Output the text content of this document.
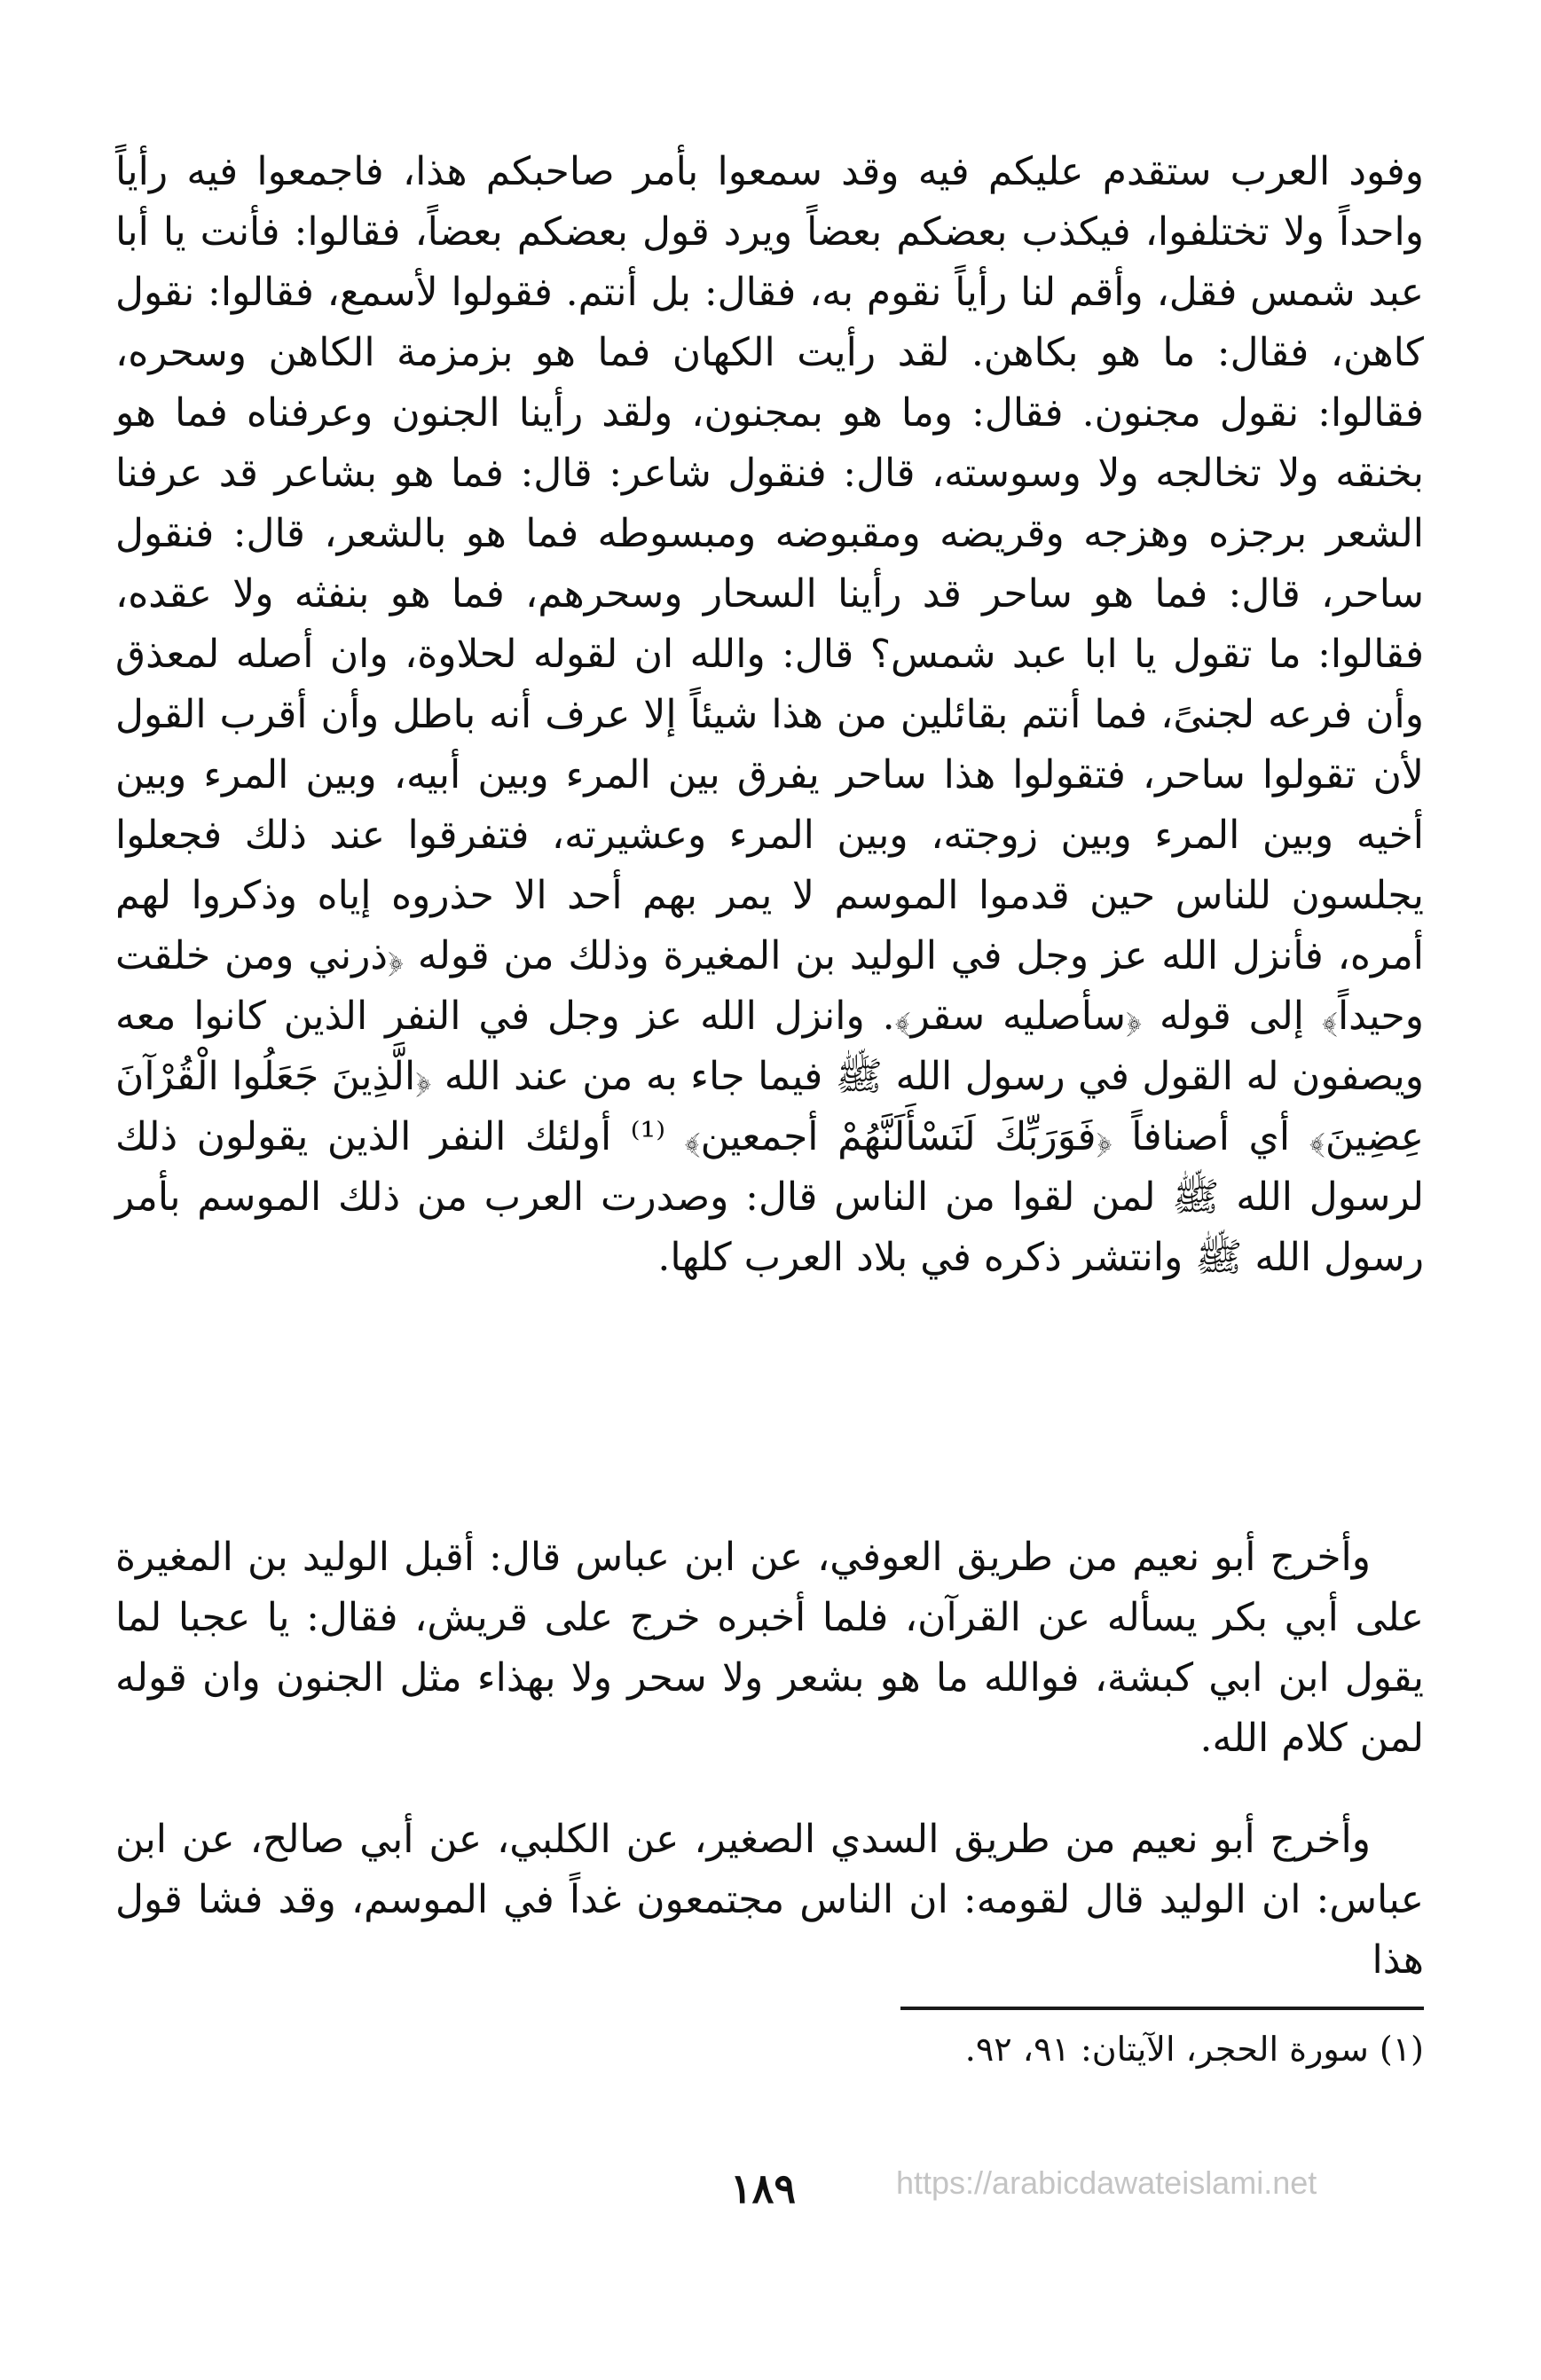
وفود العرب ستقدم عليكم فيه وقد سمعوا بأمر صاحبكم هذا، فاجمعوا فيه رأياً واحداً ولا تختلفوا، فيكذب بعضكم بعضاً ويرد قول بعضكم بعضاً، فقالوا: فأنت يا أبا عبد شمس فقل، وأقم لنا رأياً نقوم به، فقال: بل أنتم. فقولوا لأسمع، فقالوا: نقول كاهن، فقال: ما هو بكاهن. لقد رأيت الكهان فما هو بزمزمة الكاهن وسحره، فقالوا: نقول مجنون. فقال: وما هو بمجنون، ولقد رأينا الجنون وعرفناه فما هو بخنقه ولا تخالجه ولا وسوسته، قال: فنقول شاعر: قال: فما هو بشاعر قد عرفنا الشعر برجزه وهزجه وقريضه ومقبوضه ومبسوطه فما هو بالشعر، قال: فنقول ساحر، قال: فما هو ساحر قد رأينا السحار وسحرهم، فما هو بنفثه ولا عقده، فقالوا: ما تقول يا ابا عبد شمس؟ قال: والله ان لقوله لحلاوة، وان أصله لمعذق وأن فرعه لجنىً، فما أنتم بقائلين من هذا شيئاً إلا عرف أنه باطل وأن أقرب القول لأن تقولوا ساحر، فتقولوا هذا ساحر يفرق بين المرء وبين أبيه، وبين المرء وبين أخيه وبين المرء وبين زوجته، وبين المرء وعشيرته، فتفرقوا عند ذلك فجعلوا يجلسون للناس حين قدموا الموسم لا يمر بهم أحد الا حذروه إياه وذكروا لهم أمره، فأنزل الله عز وجل في الوليد بن المغيرة وذلك من قوله ﴿ذرني ومن خلقت وحيداً﴾ إلى قوله ﴿سأصليه سقر﴾. وانزل الله عز وجل في النفر الذين كانوا معه ويصفون له القول في رسول الله ﷺ فيما جاء به من عند الله ﴿الَّذِينَ جَعَلُوا الْقُرْآنَ عِضِينَ﴾ أي أصنافاً ﴿فَوَرَبِّكَ لَنَسْأَلَنَّهُمْ أجمعين﴾ ⁽¹⁾ أولئك النفر الذين يقولون ذلك لرسول الله ﷺ لمن لقوا من الناس قال: وصدرت العرب من ذلك الموسم بأمر رسول الله ﷺ وانتشر ذكره في بلاد العرب كلها.

وأخرج أبو نعيم من طريق العوفي، عن ابن عباس قال: أقبل الوليد بن المغيرة على أبي بكر يسأله عن القرآن، فلما أخبره خرج على قريش، فقال: يا عجبا لما يقول ابن ابي كبشة، فوالله ما هو بشعر ولا سحر ولا بهذاء مثل الجنون وان قوله لمن كلام الله.

وأخرج أبو نعيم من طريق السدي الصغير، عن الكلبي، عن أبي صالح، عن ابن عباس: ان الوليد قال لقومه: ان الناس مجتمعون غداً في الموسم، وقد فشا قول هذا

(١) سورة الحجر، الآيتان: ٩١، ٩٢.
١٨٩	https://arabicdawateislami.net
